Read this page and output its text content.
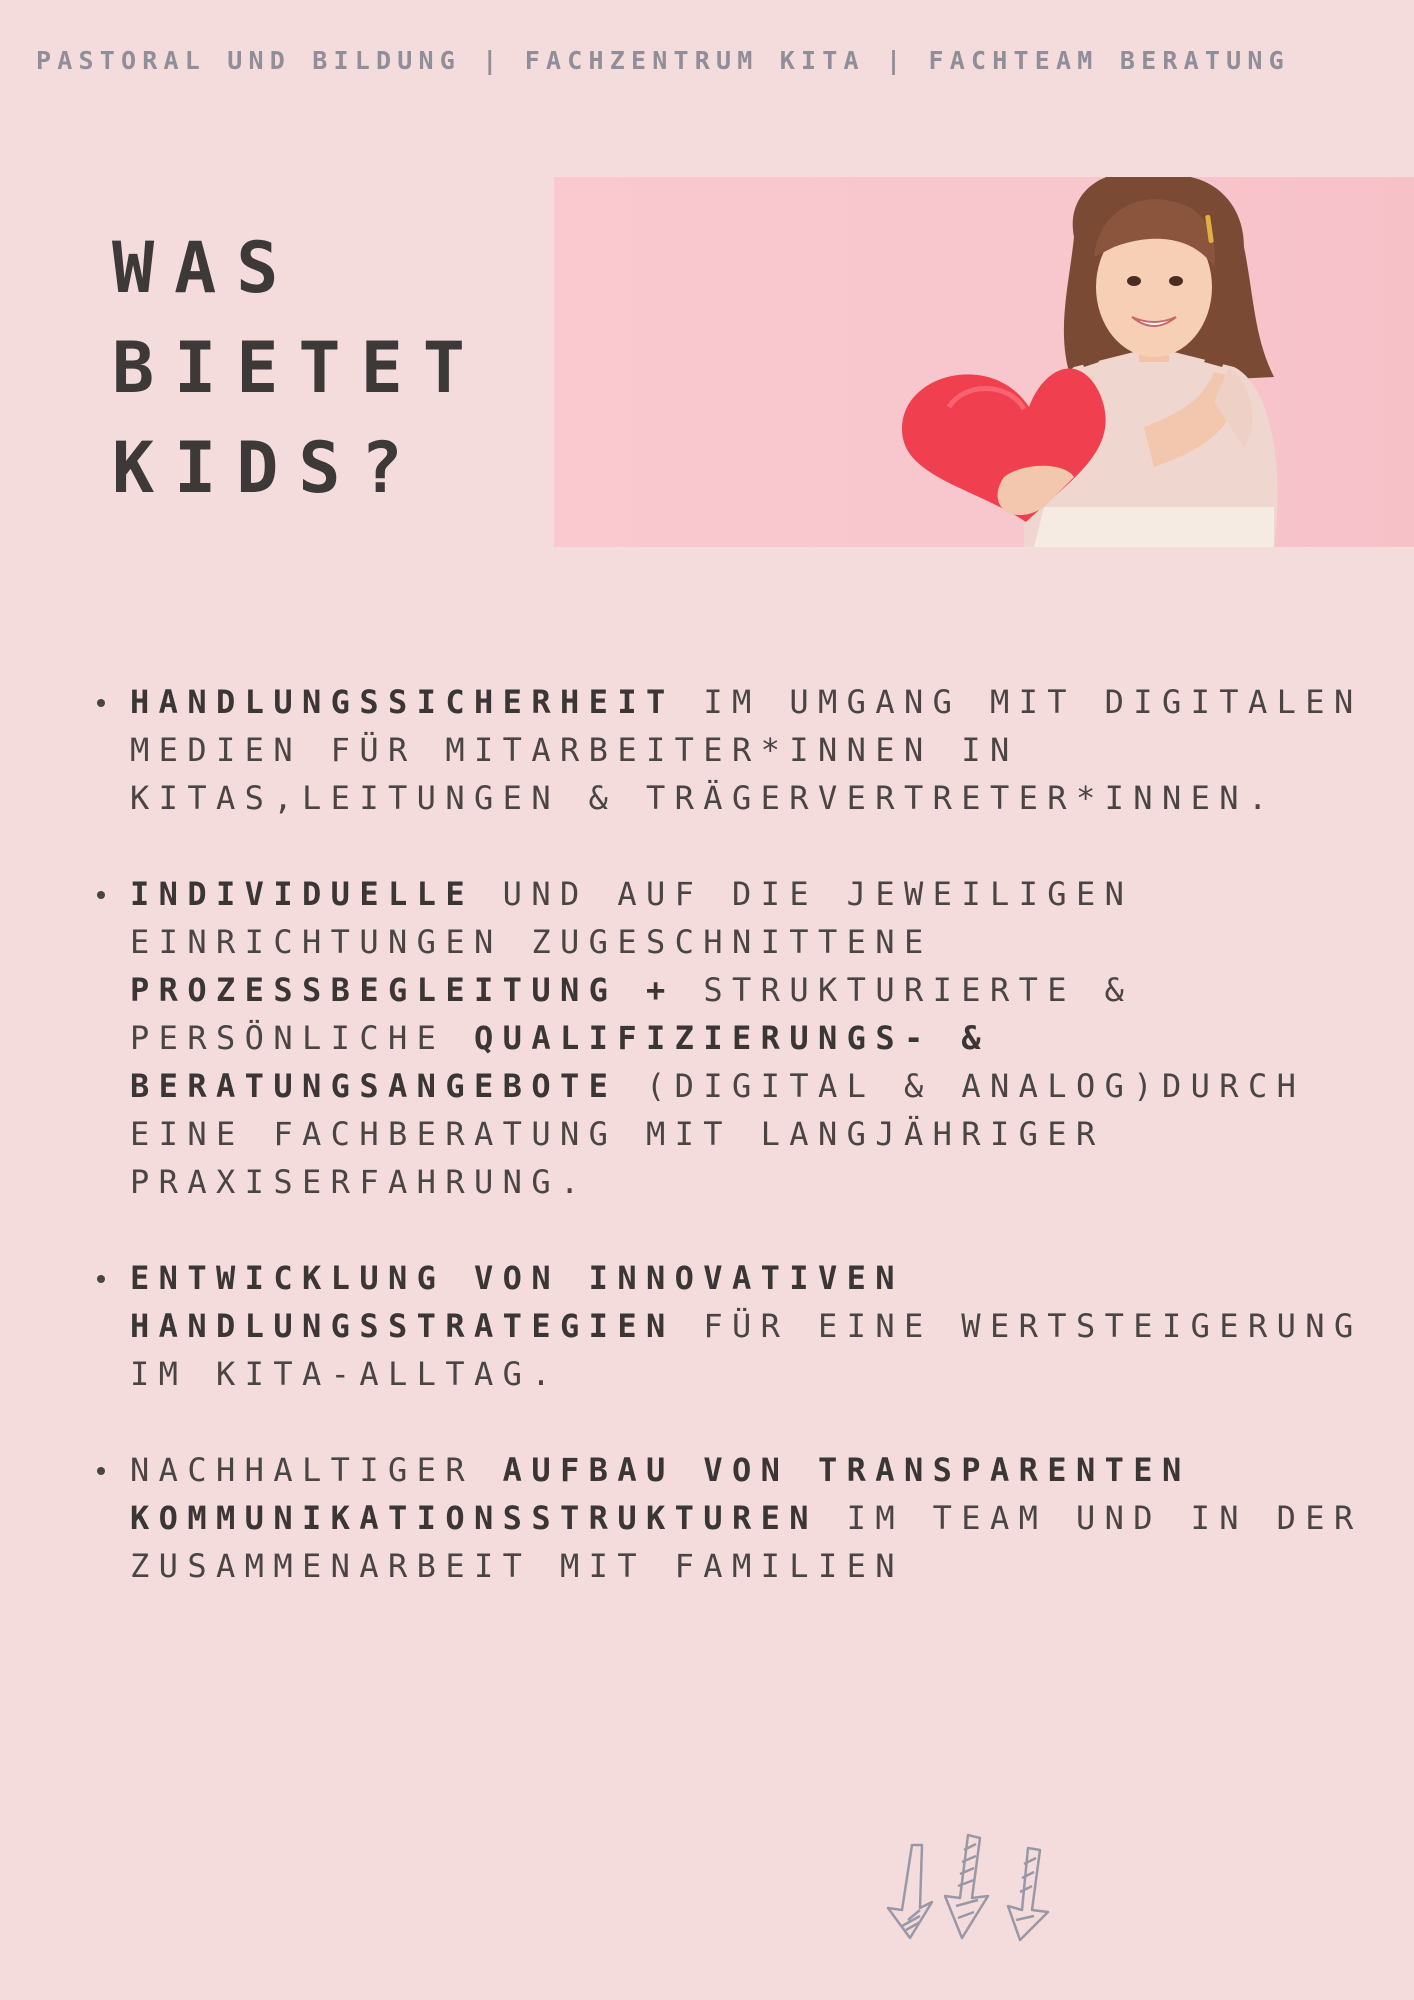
PASTORAL UND BILDUNG | FACHZENTRUM KITA | FACHTEAM BERATUNG
WAS
BIETET
KIDS?
HANDLUNGSSICHERHEIT IM UMGANG MIT DIGITALEN MEDIEN FÜR MITARBEITER*INNEN IN KITAS,LEITUNGEN & TRÄGERVERTRETER*INNEN.
INDIVIDUELLE UND AUF DIE JEWEILIGEN EINRICHTUNGEN ZUGESCHNITTENE PROZESSBEGLEITUNG + STRUKTURIERTE & PERSÖNLICHE QUALIFIZIERUNGS- & BERATUNGSANGEBOTE (DIGITAL & ANALOG)DURCH EINE FACHBERATUNG MIT LANGJÄHRIGER PRAXISERFAHRUNG.
ENTWICKLUNG VON INNOVATIVEN HANDLUNGSSTRATEGIEN FÜR EINE WERTSTEIGERUNG IM KITA-ALLTAG.
NACHHALTIGER AUFBAU VON TRANSPARENTEN KOMMUNIKATIONSSTRUKTUREN IM TEAM UND IN DER ZUSAMMENARBEIT MIT FAMILIEN
